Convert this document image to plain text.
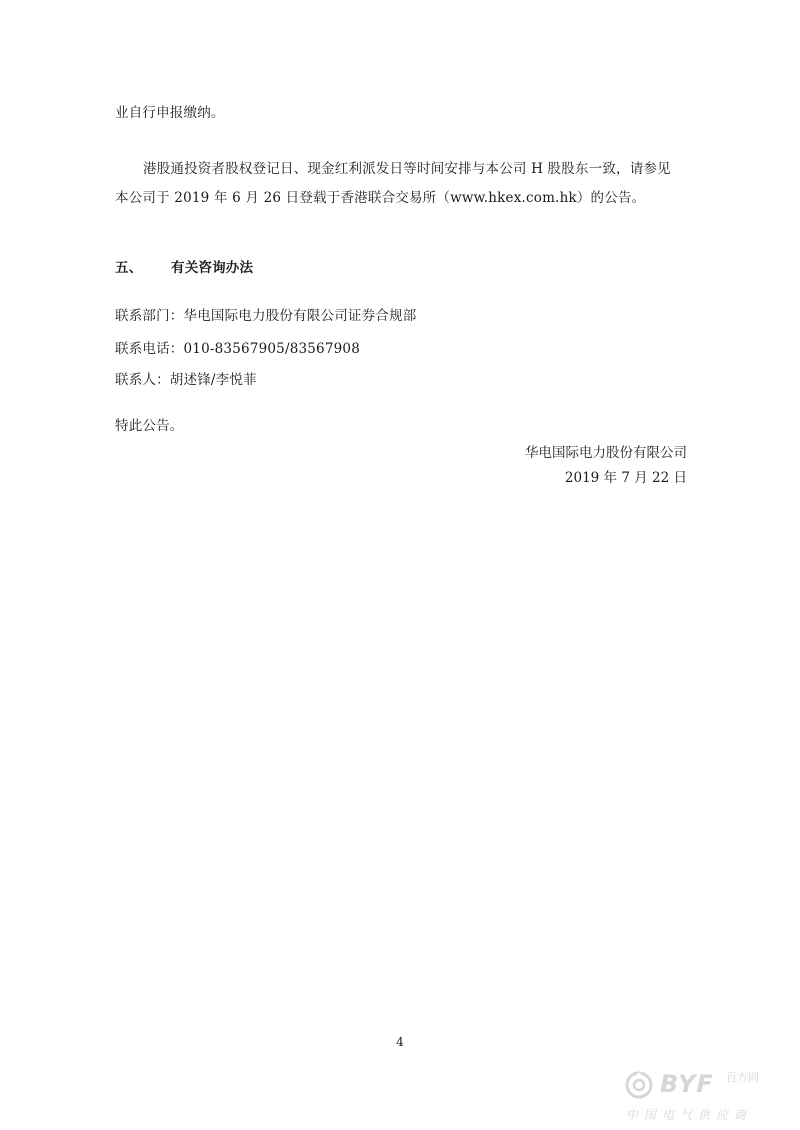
业自行申报缴纳。
港股通投资者股权登记日、现金红利派发日等时间安排与本公司 H 股股东一致，请参见
本公司于 2019 年 6 月 26 日登载于香港联合交易所（www.hkex.com.hk）的公告。
五、 有关咨询办法
联系部门：华电国际电力股份有限公司证券合规部
联系电话：010-83567905/83567908
联系人：胡述锋/李悦菲
特此公告。
华电国际电力股份有限公司
2019 年 7 月 22 日
4
BYF 百方网
中国电气供应商
